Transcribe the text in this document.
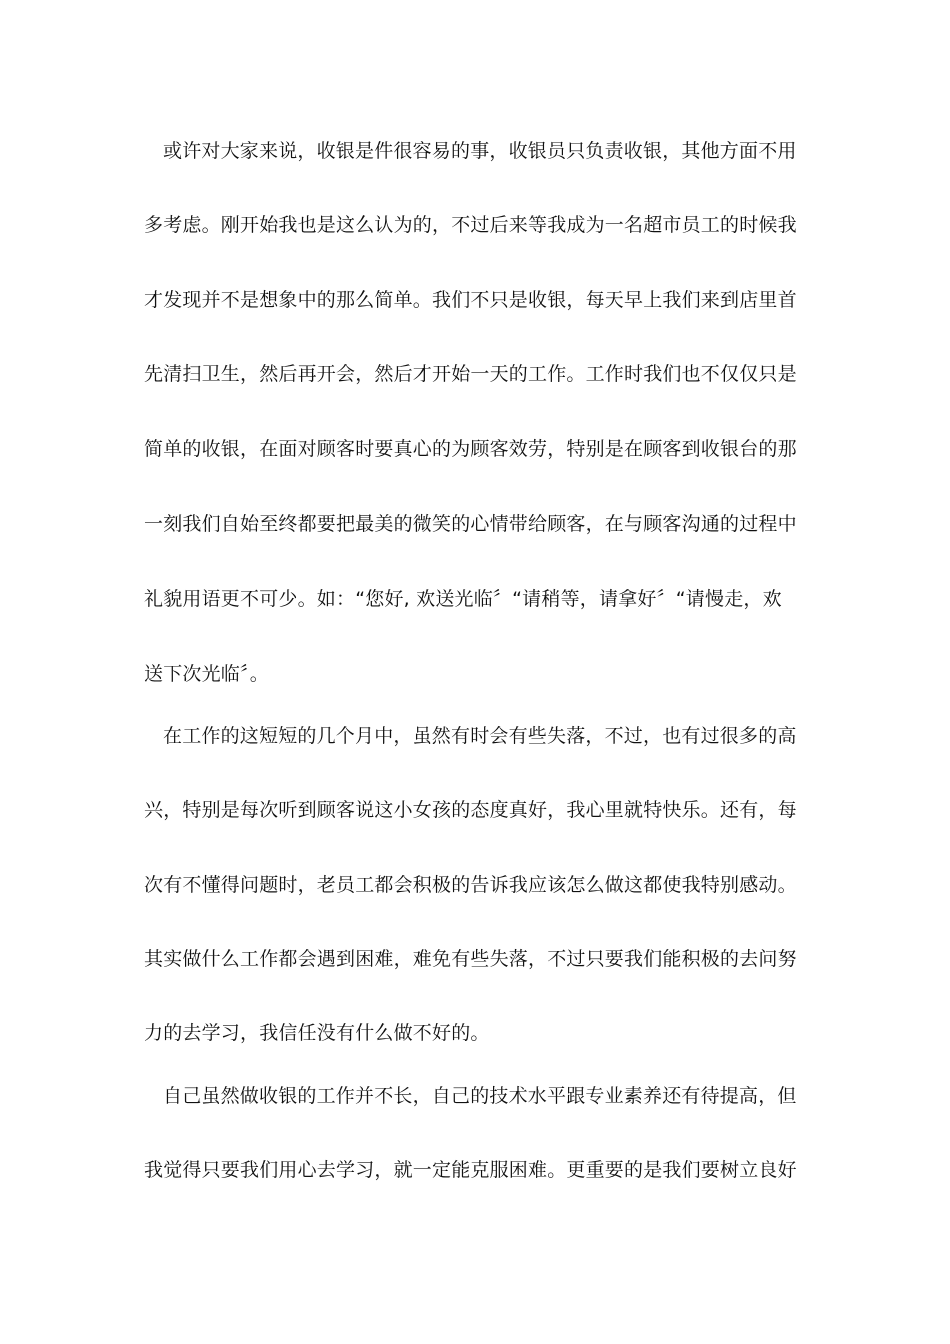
或许对大家来说，收银是件很容易的事，收银员只负责收银，其他方面不用
多考虑。刚开始我也是这么认为的，不过后来等我成为一名超市员工的时候我
才发现并不是想象中的那么简单。我们不只是收银，每天早上我们来到店里首
先清扫卫生，然后再开会，然后才开始一天的工作。工作时我们也不仅仅只是
简单的收银，在面对顾客时要真心的为顾客效劳，特别是在顾客到收银台的那
一刻我们自始至终都要把最美的微笑的心情带给顾客，在与顾客沟通的过程中
礼貌用语更不可少。如：“您好, 欢送光临〞“请稍等，请拿好〞“请慢走，欢
送下次光临〞。
在工作的这短短的几个月中，虽然有时会有些失落，不过，也有过很多的高
兴，特别是每次听到顾客说这小女孩的态度真好，我心里就特快乐。还有，每
次有不懂得问题时，老员工都会积极的告诉我应该怎么做这都使我特别感动。
其实做什么工作都会遇到困难，难免有些失落，不过只要我们能积极的去问努
力的去学习，我信任没有什么做不好的。
自己虽然做收银的工作并不长，自己的技术水平跟专业素养还有待提高，但
我觉得只要我们用心去学习，就一定能克服困难。更重要的是我们要树立良好
